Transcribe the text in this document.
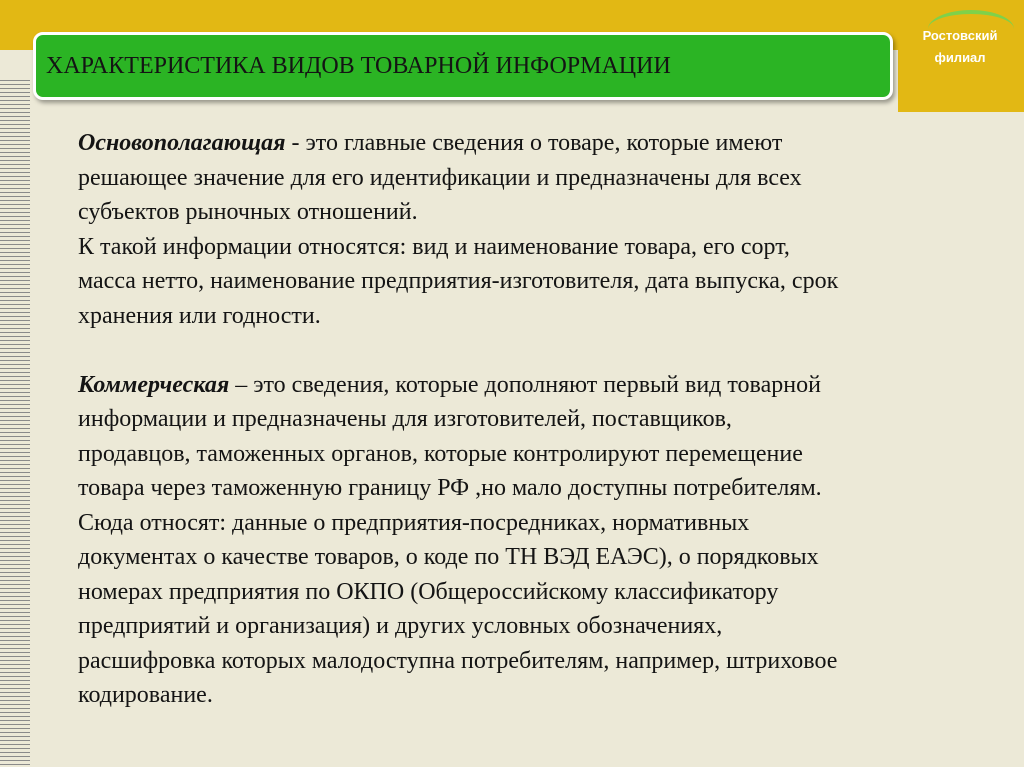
Ростовский
филиал
ХАРАКТЕРИСТИКА ВИДОВ ТОВАРНОЙ ИНФОРМАЦИИ

Основополагающая - это главные сведения о товаре, которые имеют

решающее значение для его идентификации и предназначены для всех

субъектов рыночных отношений.

К такой информации относятся: вид и наименование товара, его сорт,

масса нетто, наименование предприятия-изготовителя, дата выпуска, срок

хранения или годности.

Коммерческая – это сведения, которые дополняют первый вид товарной

информации и предназначены для изготовителей, поставщиков,

продавцов, таможенных органов, которые контролируют перемещение

товара через таможенную границу РФ ,но мало доступны потребителям.

Сюда относят: данные о предприятия-посредниках, нормативных

документах о качестве товаров, о коде по ТН ВЭД ЕАЭС), о порядковых

номерах предприятия по ОКПО (Общероссийскому классификатору

предприятий и организация) и других условных обозначениях,

расшифровка которых малодоступна потребителям, например, штриховое

кодирование.
